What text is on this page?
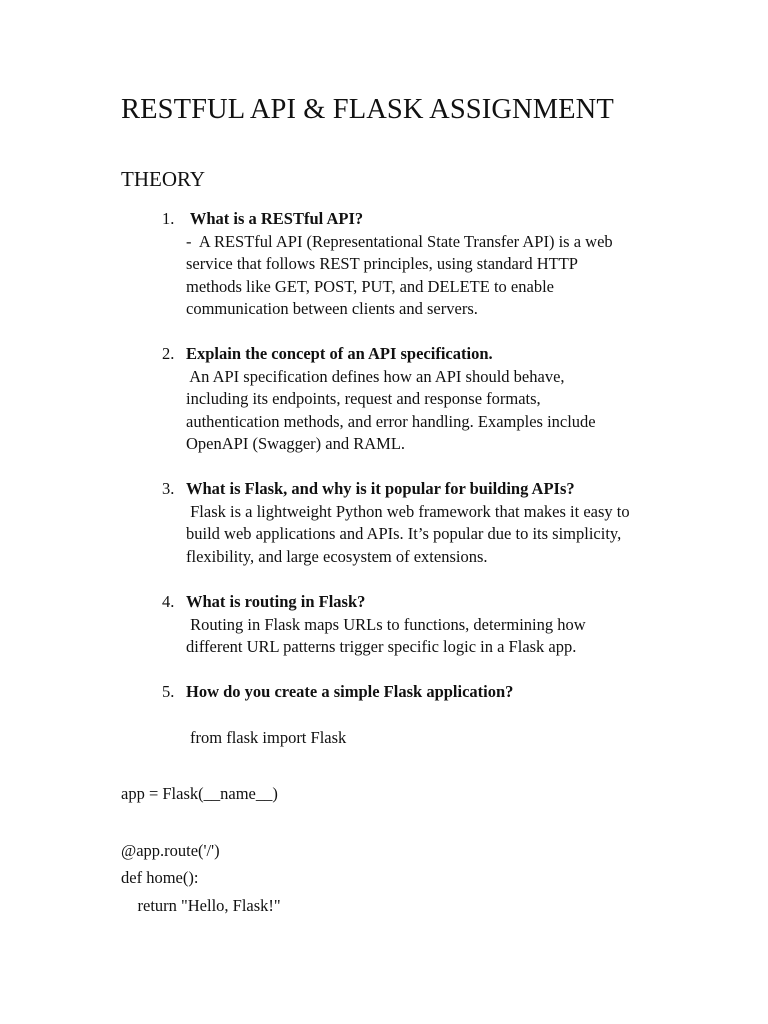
RESTFUL API & FLASK ASSIGNMENT
THEORY
1. What is a RESTful API?
-  A RESTful API (Representational State Transfer API) is a web
service that follows REST principles, using standard HTTP
methods like GET, POST, PUT, and DELETE to enable
communication between clients and servers.
2. Explain the concept of an API specification.
An API specification defines how an API should behave,
including its endpoints, request and response formats,
authentication methods, and error handling. Examples include
OpenAPI (Swagger) and RAML.
3. What is Flask, and why is it popular for building APIs?
Flask is a lightweight Python web framework that makes it easy to
build web applications and APIs. It’s popular due to its simplicity,
flexibility, and large ecosystem of extensions.
4. What is routing in Flask?
Routing in Flask maps URLs to functions, determining how
different URL patterns trigger specific logic in a Flask app.
5. How do you create a simple Flask application?
from flask import Flask
app = Flask(__name__)
@app.route('/')
def home():
return "Hello, Flask!"
